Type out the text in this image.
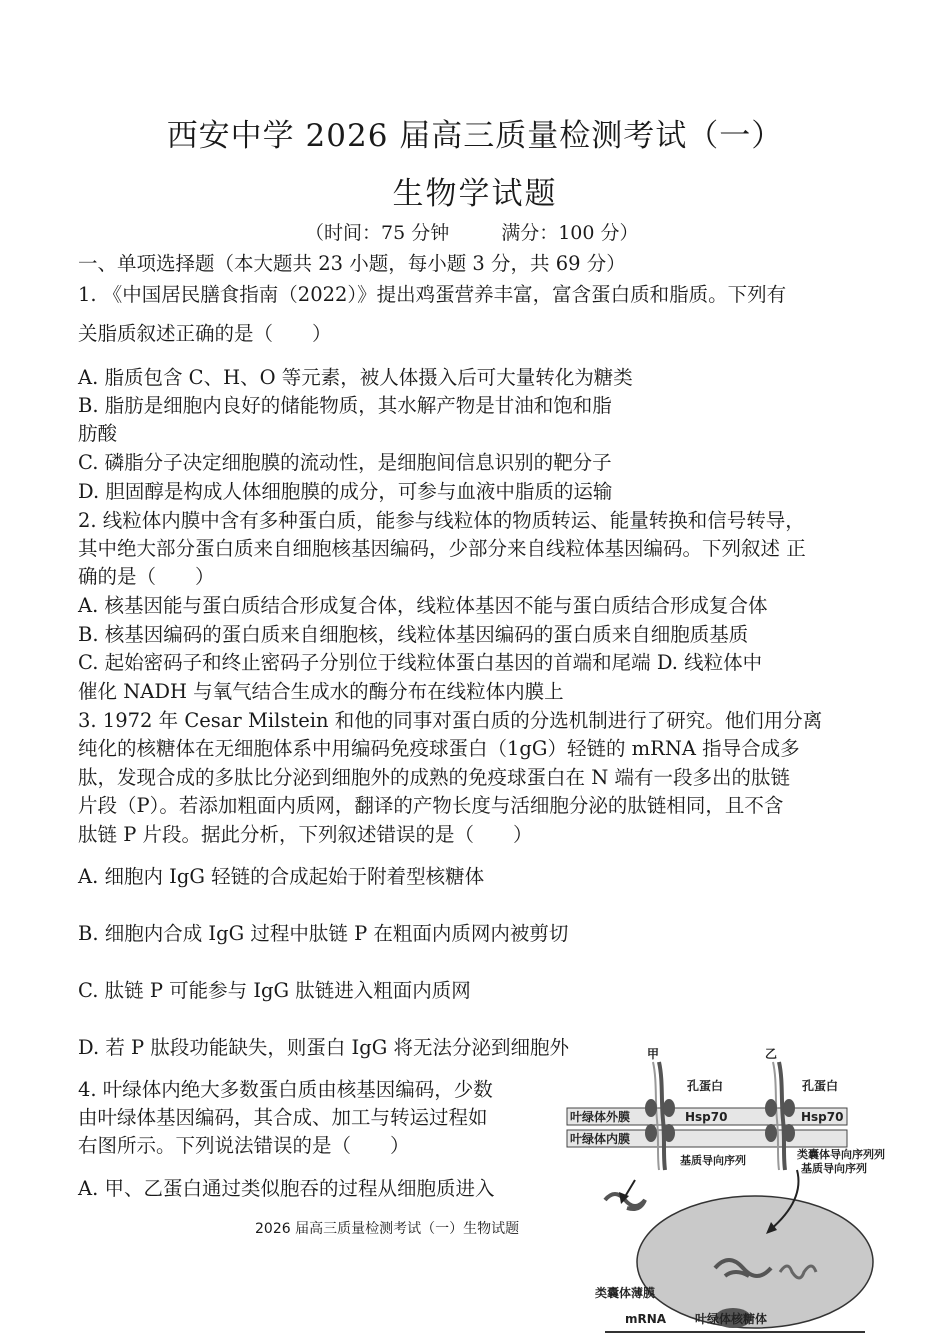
西安中学 2026 届高三质量检测考试（一）
生物学试题
（时间：75 分钟	满分：100 分）
一、单项选择题（本大题共 23 小题，每小题 3 分，共 69 分）
1. 《中国居民膳食指南（2022）》提出鸡蛋营养丰富，富含蛋白质和脂质。下列有
关脂质叙述正确的是（　　）
A. 脂质包含 C、H、O 等元素，被人体摄入后可大量转化为糖类
B. 脂肪是细胞内良好的储能物质，其水解产物是甘油和饱和脂
肪酸
C. 磷脂分子决定细胞膜的流动性，是细胞间信息识别的靶分子
D. 胆固醇是构成人体细胞膜的成分，可参与血液中脂质的运输
2. 线粒体内膜中含有多种蛋白质，能参与线粒体的物质转运、能量转换和信号转导，
其中绝大部分蛋白质来自细胞核基因编码，少部分来自线粒体基因编码。下列叙述 正
确的是（　　）
A. 核基因能与蛋白质结合形成复合体，线粒体基因不能与蛋白质结合形成复合体
B. 核基因编码的蛋白质来自细胞核，线粒体基因编码的蛋白质来自细胞质基质
C. 起始密码子和终止密码子分别位于线粒体蛋白基因的首端和尾端 D. 线粒体中
催化 NADH 与氧气结合生成水的酶分布在线粒体内膜上
3. 1972 年 Cesar Milstein 和他的同事对蛋白质的分选机制进行了研究。他们用分离
纯化的核糖体在无细胞体系中用编码免疫球蛋白（1gG）轻链的 mRNA 指导合成多
肽，发现合成的多肽比分泌到细胞外的成熟的免疫球蛋白在 N 端有一段多出的肽链
片段（P）。若添加粗面内质网，翻译的产物长度与活细胞分泌的肽链相同，且不含
肽链 P 片段。据此分析，下列叙述错误的是（　　）
A. 细胞内 IgG 轻链的合成起始于附着型核糖体
B. 细胞内合成 IgG 过程中肽链 P 在粗面内质网内被剪切
C. 肽链 P 可能参与 IgG 肽链进入粗面内质网
D. 若 P 肽段功能缺失，则蛋白 IgG 将无法分泌到细胞外
4. 叶绿体内绝大多数蛋白质由核基因编码，少数
由叶绿体基因编码，其合成、加工与转运过程如
右图所示。下列说法错误的是（　　）
A. 甲、乙蛋白通过类似胞吞的过程从细胞质进入
2026 届高三质量检测考试（一）生物试题
甲	乙
孔蛋白	孔蛋白
叶绿体外膜
叶绿体内膜
Hsp70	Hsp70
基质导向序列	类囊体导向序列列
基质导向序列
类囊体薄膜
mRNA 叶绿体核糖体
